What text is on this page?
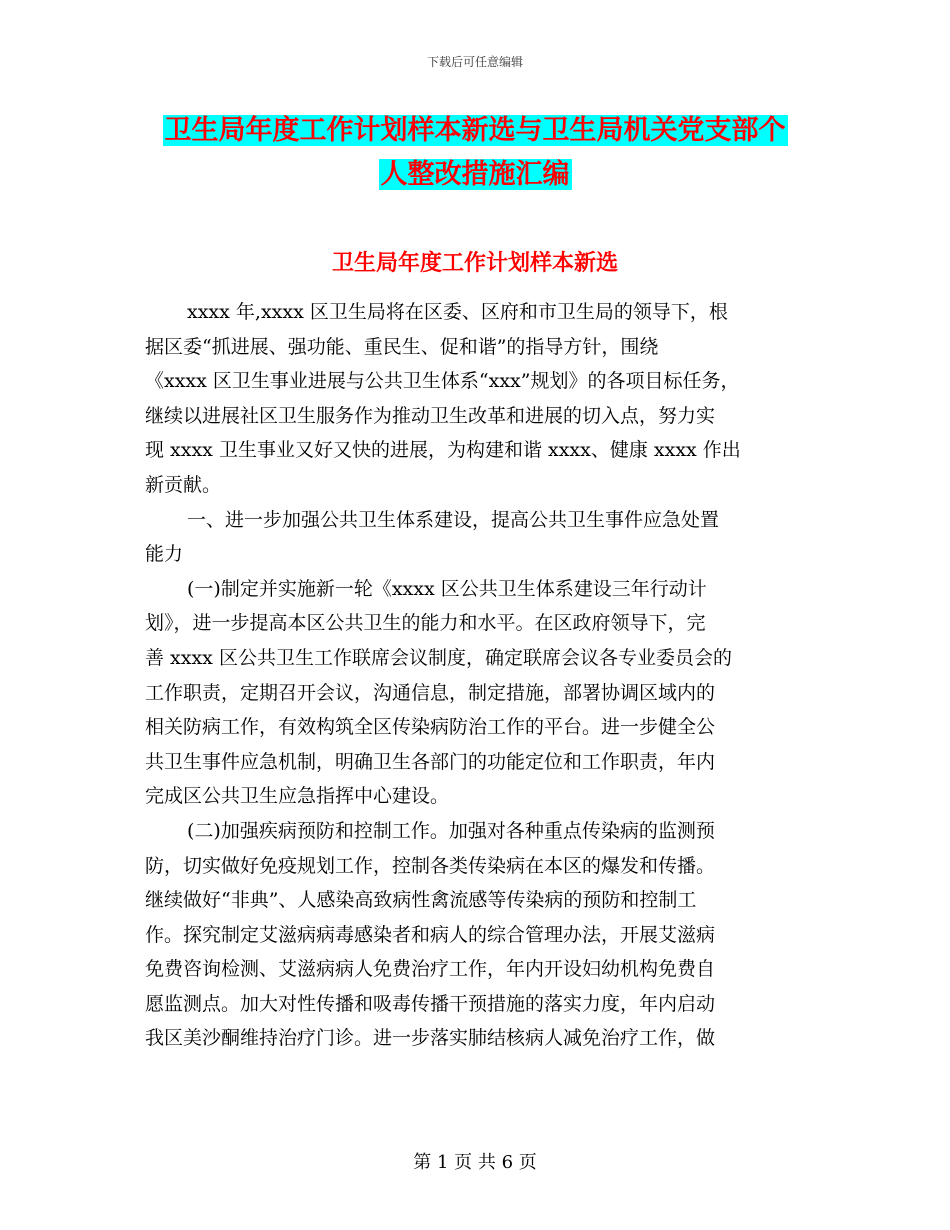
下载后可任意编辑
卫生局年度工作计划样本新选与卫生局机关党支部个
人整改措施汇编
卫生局年度工作计划样本新选
xxxx 年,xxxx 区卫生局将在区委、区府和市卫生局的领导下，根
据区委“抓进展、强功能、重民生、促和谐”的指导方针，围绕
《xxxx 区卫生事业进展与公共卫生体系“xxx”规划》的各项目标任务，
继续以进展社区卫生服务作为推动卫生改革和进展的切入点，努力实
现 xxxx 卫生事业又好又快的进展，为构建和谐 xxxx、健康 xxxx 作出
新贡献。
一、进一步加强公共卫生体系建设，提高公共卫生事件应急处置
能力
(一)制定并实施新一轮《xxxx 区公共卫生体系建设三年行动计
划》，进一步提高本区公共卫生的能力和水平。在区政府领导下，完
善 xxxx 区公共卫生工作联席会议制度，确定联席会议各专业委员会的
工作职责，定期召开会议，沟通信息，制定措施，部署协调区域内的
相关防病工作，有效构筑全区传染病防治工作的平台。进一步健全公
共卫生事件应急机制，明确卫生各部门的功能定位和工作职责，年内
完成区公共卫生应急指挥中心建设。
(二)加强疾病预防和控制工作。加强对各种重点传染病的监测预
防，切实做好免疫规划工作，控制各类传染病在本区的爆发和传播。
继续做好“非典”、人感染高致病性禽流感等传染病的预防和控制工
作。探究制定艾滋病病毒感染者和病人的综合管理办法，开展艾滋病
免费咨询检测、艾滋病病人免费治疗工作，年内开设妇幼机构免费自
愿监测点。加大对性传播和吸毒传播干预措施的落实力度，年内启动
我区美沙酮维持治疗门诊。进一步落实肺结核病人减免治疗工作，做
第 1 页 共 6 页
